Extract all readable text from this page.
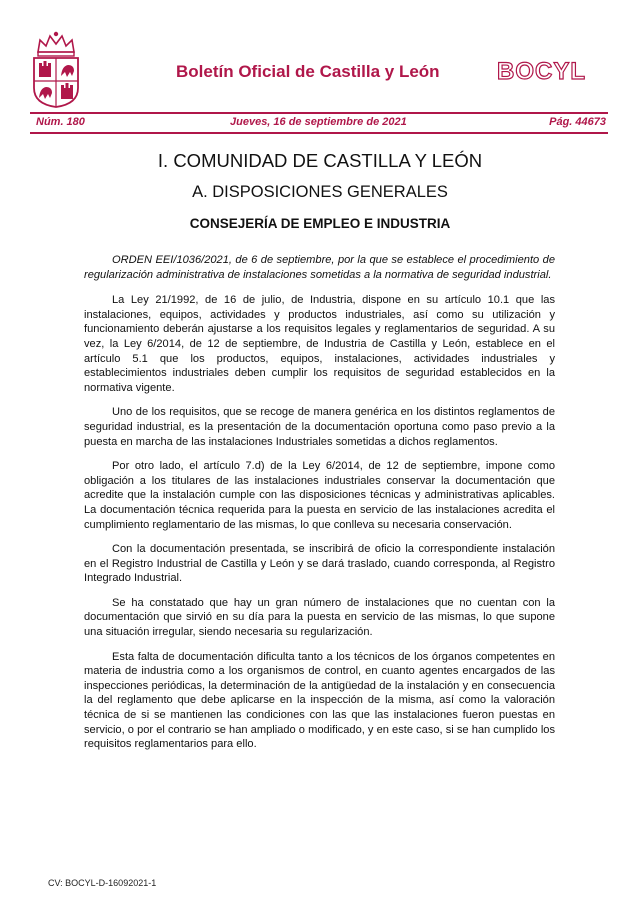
Boletín Oficial de Castilla y León BOCYL
Núm. 180	Jueves, 16 de septiembre de 2021	Pág. 44673
I. COMUNIDAD DE CASTILLA Y LEÓN
A. DISPOSICIONES GENERALES
CONSEJERÍA DE EMPLEO E INDUSTRIA

ORDEN EEI/1036/2021, de 6 de septiembre, por la que se establece el procedimiento de regularización administrativa de instalaciones sometidas a la normativa de seguridad industrial.

La Ley 21/1992, de 16 de julio, de Industria, dispone en su artículo 10.1 que las instalaciones, equipos, actividades y productos industriales, así como su utilización y funcionamiento deberán ajustarse a los requisitos legales y reglamentarios de seguridad. A su vez, la Ley 6/2014, de 12 de septiembre, de Industria de Castilla y León, establece en el artículo 5.1 que los productos, equipos, instalaciones, actividades industriales y establecimientos industriales deben cumplir los requisitos de seguridad establecidos en la normativa vigente.

Uno de los requisitos, que se recoge de manera genérica en los distintos reglamentos de seguridad industrial, es la presentación de la documentación oportuna como paso previo a la puesta en marcha de las instalaciones Industriales sometidas a dichos reglamentos.

Por otro lado, el artículo 7.d) de la Ley 6/2014, de 12 de septiembre, impone como obligación a los titulares de las instalaciones industriales conservar la documentación que acredite que la instalación cumple con las disposiciones técnicas y administrativas aplicables. La documentación técnica requerida para la puesta en servicio de las instalaciones acredita el cumplimiento reglamentario de las mismas, lo que conlleva su necesaria conservación.

Con la documentación presentada, se inscribirá de oficio la correspondiente instalación en el Registro Industrial de Castilla y León y se dará traslado, cuando corresponda, al Registro Integrado Industrial.

Se ha constatado que hay un gran número de instalaciones que no cuentan con la documentación que sirvió en su día para la puesta en servicio de las mismas, lo que supone una situación irregular, siendo necesaria su regularización.

Esta falta de documentación dificulta tanto a los técnicos de los órganos competentes en materia de industria como a los organismos de control, en cuanto agentes encargados de las inspecciones periódicas, la determinación de la antigüedad de la instalación y en consecuencia la del reglamento que debe aplicarse en la inspección de la misma, así como la valoración técnica de si se mantienen las condiciones con las que las instalaciones fueron puestas en servicio, o por el contrario se han ampliado o modificado, y en este caso, si se han cumplido los requisitos reglamentarios para ello.

CV: BOCYL-D-16092021-1
